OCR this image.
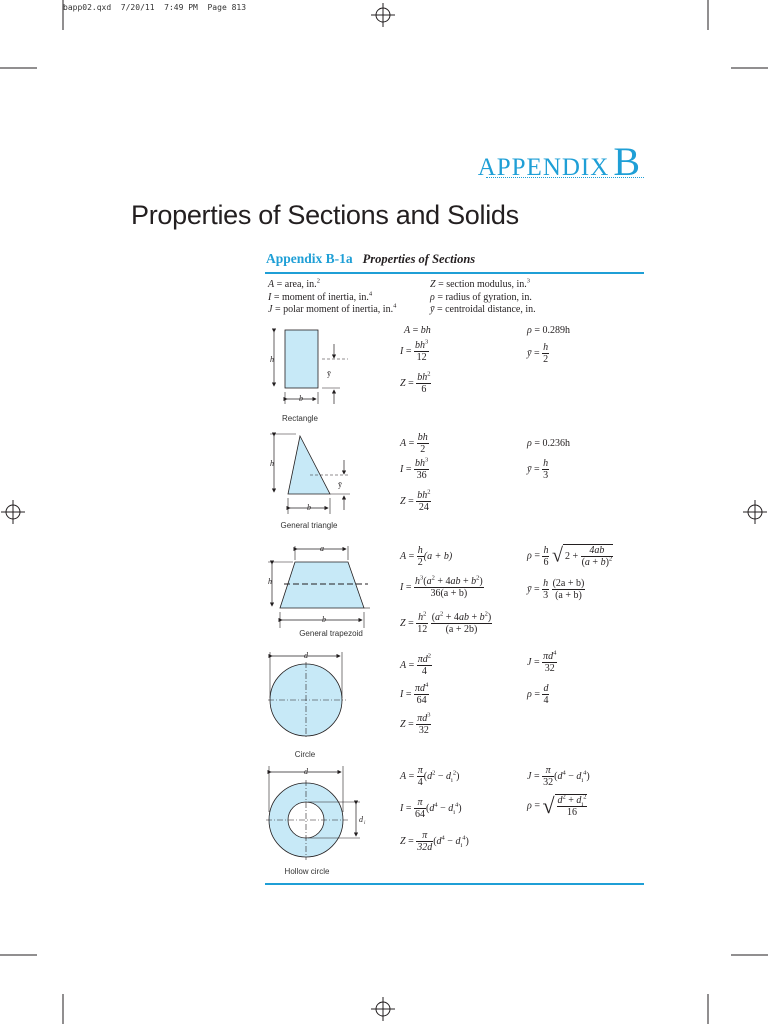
bapp02.qxd  7/20/11  7:49 PM  Page 813
APPENDIX B
Properties of Sections and Solids
Appendix B-1a Properties of Sections
A = area, in.$^2$
I = moment of inertia, in.$^4$
J = polar moment of inertia, in.$^4$
Z = section modulus, in.$^3$
ρ = radius of gyration, in.
ȳ = centroidal distance, in.
h
ȳ
b
h
ȳ
b
a
h
b
d
d
d i
Rectangle
General triangle
General trapezoid
Circle
Hollow circle
A = bh
$I = \frac{bh^3}{12}$
$Z = \frac{bh^2}{6}$
ρ = 0.289h
ȳ = $\frac{h}{2}$
$A = \frac{bh}{2}$
$I = \frac{bh^3}{36}$
$Z = \frac{bh^2}{24}$
ρ = 0.236h
ȳ = $\frac{h}{3}$
$A = \frac{h}{2} (a + b)$
$I = \frac{h^3(a^2 + 4ab + b^2)}{36(a + b)}$
$Z = \frac{h^2}{12}$
$\frac{(a^2 + 4ab + b^2)}{(a + 2b)}$
$\rho = \frac{h}{6}$ √ $2 + \frac{4ab}{(a + b)^2}$
ȳ = $\frac{h}{3}$
$\frac{(2a + b)}{(a + b)}$
$A = \frac{\pi d^2}{4}$
$I = \frac{\pi d^4}{64}$
$Z = \frac{\pi d^3}{32}$
$J = \frac{\pi d^4}{32}$
$\rho = \frac{d}{4}$
$A = \frac{\pi}{4} (d^2 - d_i^2)$
$I = \frac{\pi}{64} (d^4 - d_i^4)$
$Z = \frac{\pi}{32d} (d^4 - d_i^4)$
$J = \frac{\pi}{32} (d^4 - d_i^4)$
ρ = √ $\frac{d^2 + d_i^2}{16}$
